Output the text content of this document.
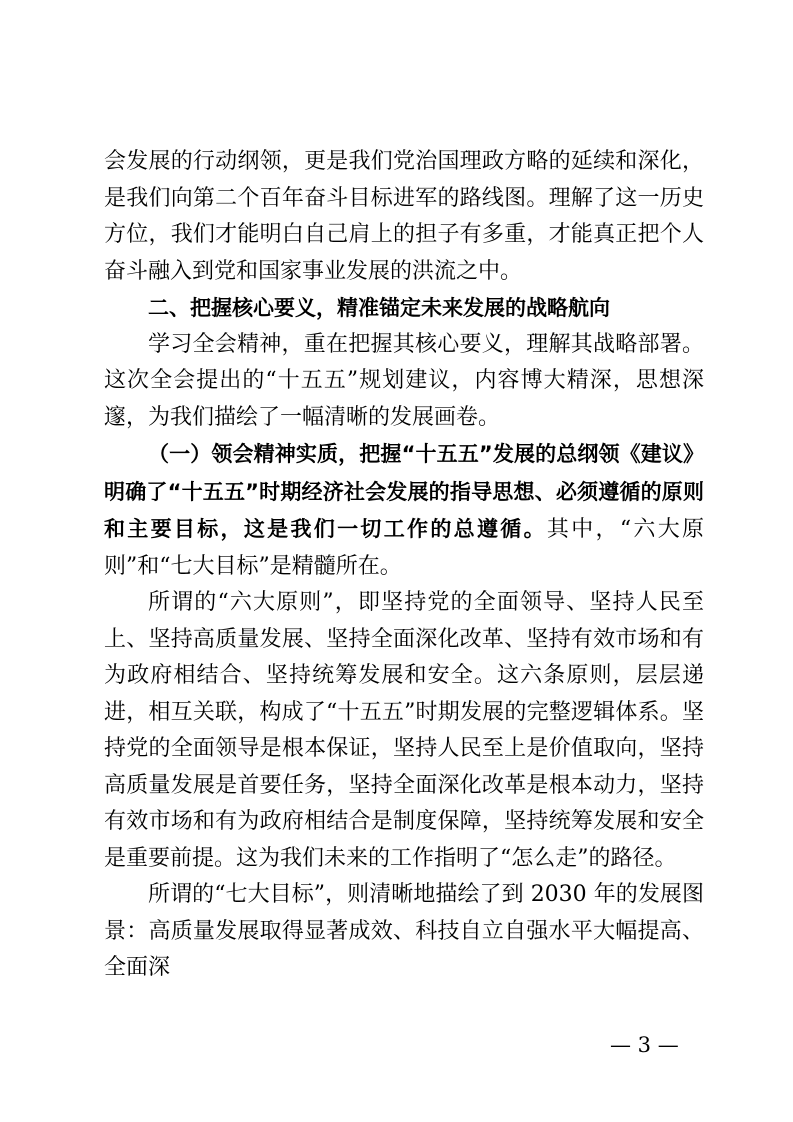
会发展的行动纲领，更是我们党治国理政方略的延续和深化，是我们向第二个百年奋斗目标进军的路线图。理解了这一历史方位，我们才能明白自己肩上的担子有多重，才能真正把个人奋斗融入到党和国家事业发展的洪流之中。

二、把握核心要义，精准锚定未来发展的战略航向

学习全会精神，重在把握其核心要义，理解其战略部署。这次全会提出的“十五五”规划建议，内容博大精深，思想深邃，为我们描绘了一幅清晰的发展画卷。

（一）领会精神实质，把握“十五五”发展的总纲领《建议》明确了“十五五”时期经济社会发展的指导思想、必须遵循的原则和主要目标，这是我们一切工作的总遵循。其中，“六大原则”和“七大目标”是精髓所在。

所谓的“六大原则”，即坚持党的全面领导、坚持人民至上、坚持高质量发展、坚持全面深化改革、坚持有效市场和有为政府相结合、坚持统筹发展和安全。这六条原则，层层递进，相互关联，构成了“十五五”时期发展的完整逻辑体系。坚持党的全面领导是根本保证，坚持人民至上是价值取向，坚持高质量发展是首要任务，坚持全面深化改革是根本动力，坚持有效市场和有为政府相结合是制度保障，坚持统筹发展和安全是重要前提。这为我们未来的工作指明了“怎么走”的路径。

所谓的“七大目标”，则清晰地描绘了到 2030 年的发展图景：高质量发展取得显著成效、科技自立自强水平大幅提高、全面深

— 3 —
